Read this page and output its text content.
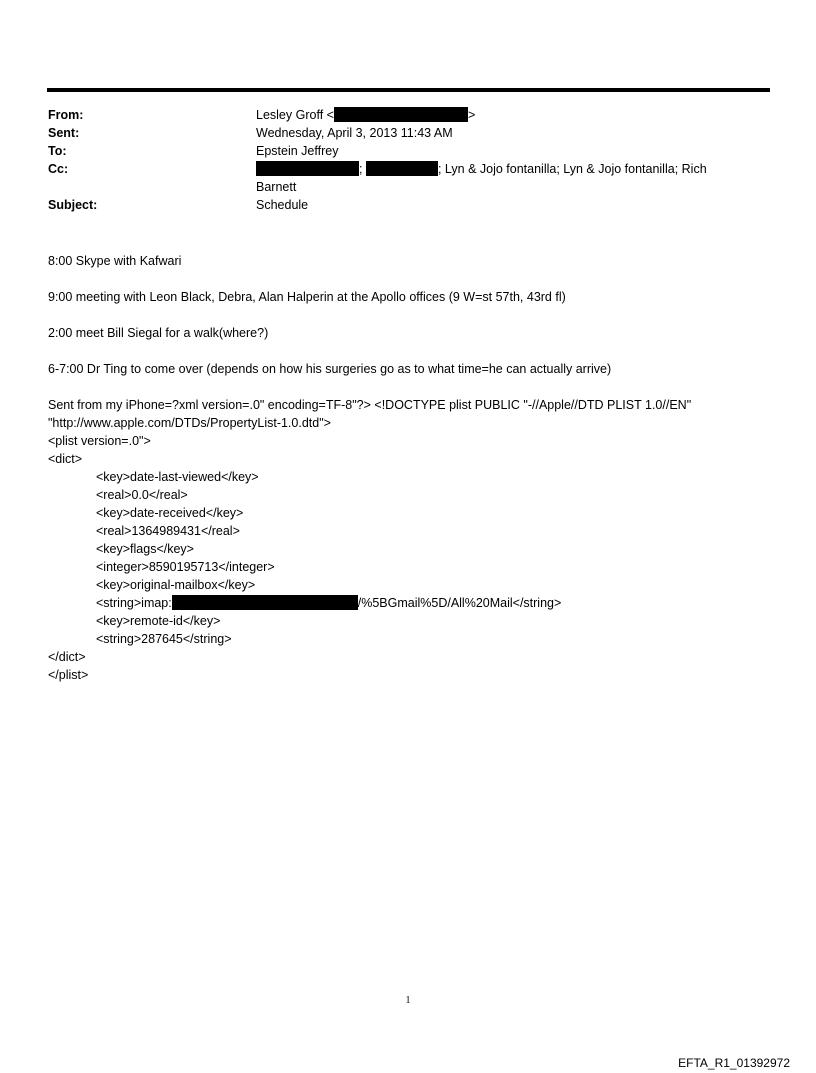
From:	Lesley Groff <	>
Sent:	Wednesday, April 3, 2013 11:43 AM
To:	Epstein Jeffrey
Cc:	;	; Lyn & Jojo fontanilla; Lyn & Jojo fontanilla; Rich
Barnett
Subject:	Schedule
8:00 Skype with Kafwari
9:00 meeting with Leon Black, Debra, Alan Halperin at the Apollo offices (9 W=st 57th, 43rd fl)
2:00 meet Bill Siegal for a walk(where?)
6-7:00 Dr Ting to come over (depends on how his surgeries go as to what time=he can actually arrive)
Sent from my iPhone=?xml version=.0" encoding=TF-8"?> <!DOCTYPE plist PUBLIC "-//Apple//DTD PLIST 1.0//EN"
"http://www.apple.com/DTDs/PropertyList-1.0.dtd">
<plist version=.0">
<dict>
<key>date-last-viewed</key>
<real>0.0</real>
<key>date-received</key>
<real>1364989431</real>
<key>flags</key>
<integer>8590195713</integer>
<key>original-mailbox</key>
<string>imap:	/%5BGmail%5D/All%20Mail</string>
<key>remote-id</key>
<string>287645</string>
</dict>
</plist>
1
EFTA_R1_01392972
